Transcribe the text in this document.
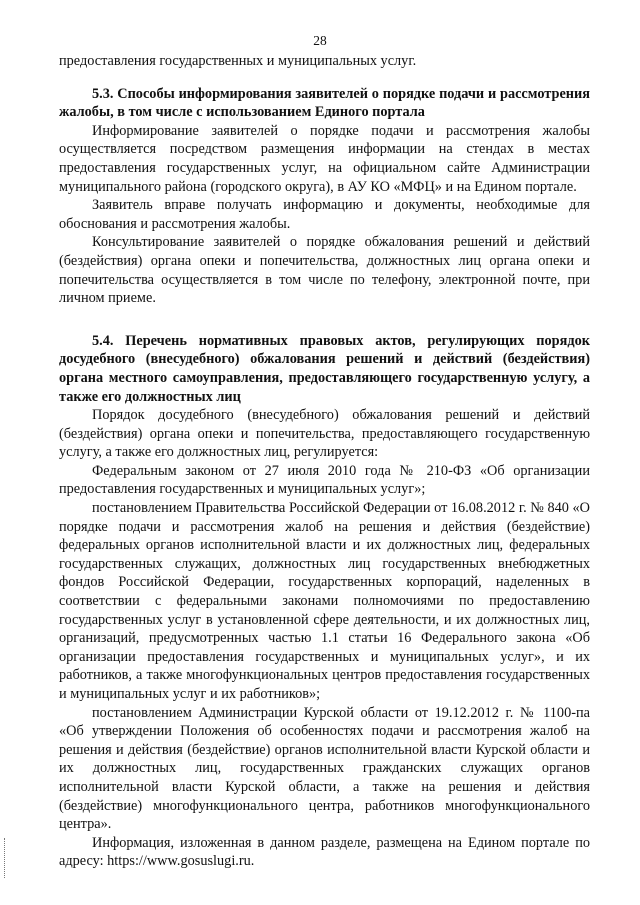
28

предоставления государственных и муниципальных услуг.

5.3. Способы информирования заявителей о порядке подачи и рассмотрения жалобы, в том числе с использованием Единого портала

Информирование заявителей о порядке подачи и рассмотрения жалобы осуществляется посредством размещения информации на стендах в местах предоставления государственных услуг, на официальном сайте Администрации муниципального района (городского округа), в АУ КО «МФЦ» и на Едином портале.

Заявитель вправе получать информацию и документы, необходимые для обоснования и рассмотрения жалобы.

Консультирование заявителей о порядке обжалования решений и действий (бездействия) органа опеки и попечительства, должностных лиц органа опеки и попечительства осуществляется в том числе по телефону, электронной почте, при личном приеме.

5.4. Перечень нормативных правовых актов, регулирующих порядок досудебного (внесудебного) обжалования решений и действий (бездействия) органа местного самоуправления, предоставляющего государственную услугу, а также его должностных лиц

Порядок досудебного (внесудебного) обжалования решений и действий (бездействия) органа опеки и попечительства, предоставляющего государственную услугу, а также его должностных лиц, регулируется:

Федеральным законом от 27 июля 2010 года № 210-ФЗ «Об организации предоставления государственных и муниципальных услуг»;

постановлением Правительства Российской Федерации от 16.08.2012 г. № 840 «О порядке подачи и рассмотрения жалоб на решения и действия (бездействие) федеральных органов исполнительной власти и их должностных лиц, федеральных государственных служащих, должностных лиц государственных внебюджетных фондов Российской Федерации, государственных корпораций, наделенных в соответствии с федеральными законами полномочиями по предоставлению государственных услуг в установленной сфере деятельности, и их должностных лиц, организаций, предусмотренных частью 1.1 статьи 16 Федерального закона «Об организации предоставления государственных и муниципальных услуг», и их работников, а также многофункциональных центров предоставления государственных и муниципальных услуг и их работников»;

постановлением Администрации Курской области от 19.12.2012 г. № 1100-па «Об утверждении Положения об особенностях подачи и рассмотрения жалоб на решения и действия (бездействие) органов исполнительной власти Курской области и их должностных лиц, государственных гражданских служащих органов исполнительной власти Курской области, а также на решения и действия (бездействие) многофункционального центра, работников многофункционального центра».

Информация, изложенная в данном разделе, размещена на Едином портале по адресу: https://www.gosuslugi.ru.
